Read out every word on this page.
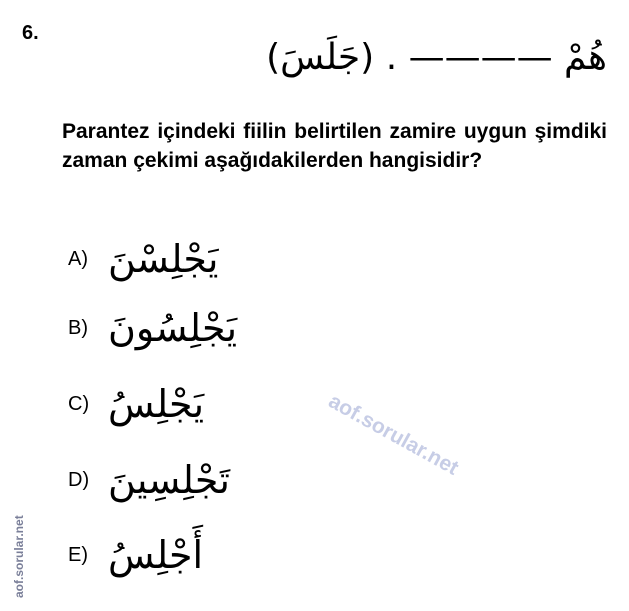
6.
هُمْ ———— . (جَلَسَ)
Parantez içindeki fiilin belirtilen zamire uygun şimdiki zaman çekimi aşağıdakilerden hangisidir?
A) يَجْلِسْنَ
B) يَجْلِسُونَ
C) يَجْلِسُ
D) تَجْلِسِينَ
E) أَجْلِسُ
aof.sorular.net
aof.sorular.net
